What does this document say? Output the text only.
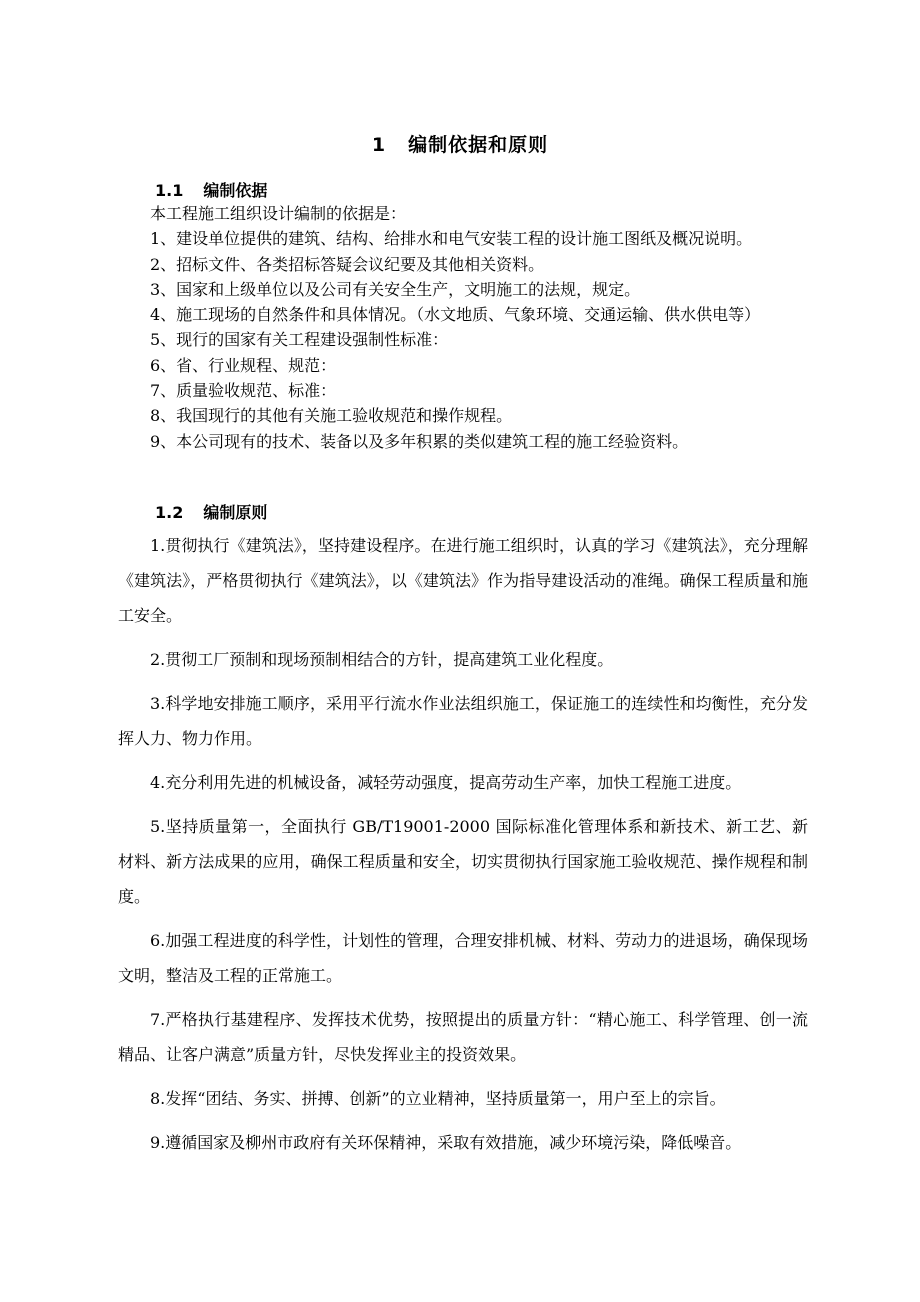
1 编制依据和原则
1.1 编制依据

本工程施工组织设计编制的依据是：

1、建设单位提供的建筑、结构、给排水和电气安装工程的设计施工图纸及概况说明。

2、招标文件、各类招标答疑会议纪要及其他相关资料。

3、国家和上级单位以及公司有关安全生产，文明施工的法规，规定。

4、施工现场的自然条件和具体情况。（水文地质、气象环境、交通运输、供水供电等）

5、现行的国家有关工程建设强制性标准：

6、省、行业规程、规范：

7、质量验收规范、标准：

8、我国现行的其他有关施工验收规范和操作规程。

9、本公司现有的技术、装备以及多年积累的类似建筑工程的施工经验资料。

1.2 编制原则

1.贯彻执行《建筑法》，坚持建设程序。在进行施工组织时，认真的学习《建筑法》，充分理解《建筑法》，严格贯彻执行《建筑法》，以《建筑法》作为指导建设活动的准绳。确保工程质量和施工安全。

2.贯彻工厂预制和现场预制相结合的方针，提高建筑工业化程度。

3.科学地安排施工顺序，采用平行流水作业法组织施工，保证施工的连续性和均衡性，充分发挥人力、物力作用。

4.充分利用先进的机械设备，减轻劳动强度，提高劳动生产率，加快工程施工进度。

5.坚持质量第一，全面执行 GB/T19001-2000 国际标准化管理体系和新技术、新工艺、新材料、新方法成果的应用，确保工程质量和安全，切实贯彻执行国家施工验收规范、操作规程和制度。

6.加强工程进度的科学性，计划性的管理，合理安排机械、材料、劳动力的进退场，确保现场文明，整洁及工程的正常施工。

7.严格执行基建程序、发挥技术优势，按照提出的质量方针：“精心施工、科学管理、创一流精品、让客户满意”质量方针，尽快发挥业主的投资效果。

8.发挥“团结、务实、拼搏、创新”的立业精神，坚持质量第一，用户至上的宗旨。

9.遵循国家及柳州市政府有关环保精神，采取有效措施，减少环境污染，降低噪音。
